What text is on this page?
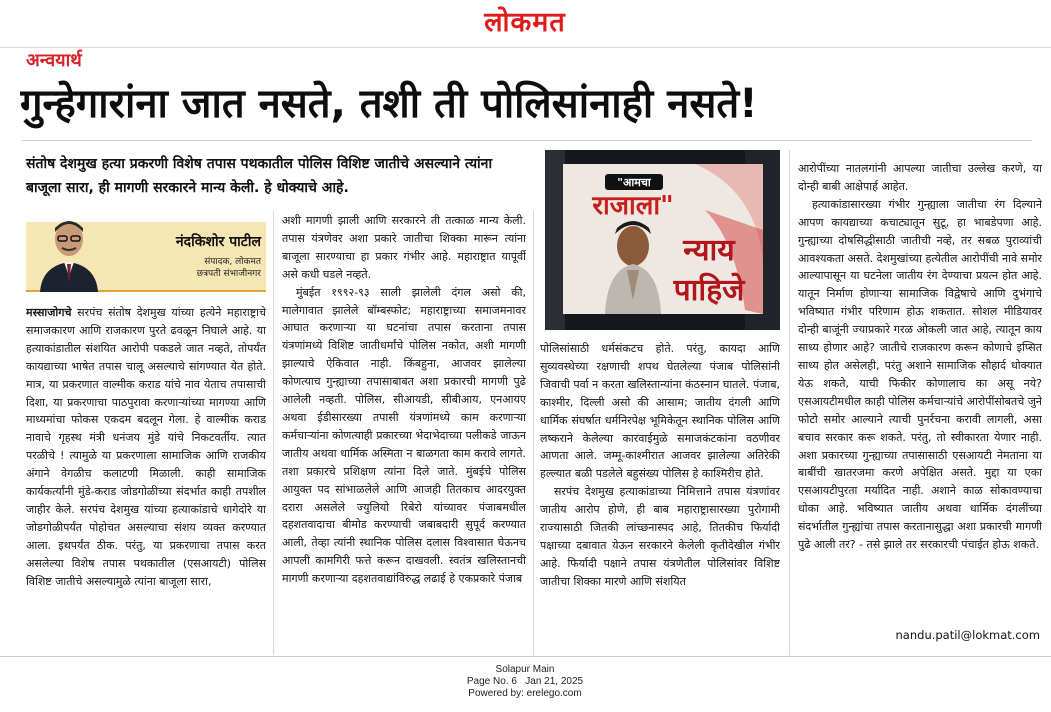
लोकमत
अन्वयार्थ
गुन्हेगारांना जात नसते, तशी ती पोलिसांनाही नसते!
संतोष देशमुख हत्या प्रकरणी विशेष तपास पथकातील पोलिस विशिष्ट जातीचे असल्याने त्यांना बाजूला सारा, ही मागणी सरकारने मान्य केली. हे धोक्याचे आहे.
नंदकिशोर पाटील
संपादक, लोकमत
छत्रपती संभाजीनगर

मस्साजोगचे सरपंच संतोष देशमुख यांच्या हत्येने महाराष्ट्राचे समाजकारण आणि राजकारण पुरते ढवळून निघाले आहे. या हत्याकांडातील संशयित आरोपी पकडले जात नव्हते, तोपर्यंत कायद्याच्या भाषेत तपास चालू असल्याचे सांगण्यात येत होते. मात्र, या प्रकरणात वाल्मीक कराड यांचे नाव येताच तपासाची दिशा, या प्रकरणाचा पाठपुरावा करणाऱ्यांच्या मागण्या आणि माध्यमांचा फोकस एकदम बदलून गेला. हे वाल्मीक कराड नावाचे गृहस्थ मंत्री धनंजय मुंडे यांचे निकटवर्तीय. त्यात परळीचे ! त्यामुळे या प्रकरणाला सामाजिक आणि राजकीय अंगाने वेगळीच कलाटणी मिळाली. काही सामाजिक कार्यकर्त्यांनी मुंडे-कराड जोडगोळीच्या संदर्भात काही तपशील जाहीर केले. सरपंच देशमुख यांच्या हत्याकांडाचे धागेदोरे या जोडगोळीपर्यंत पोहोचत असल्याचा संशय व्यक्त करण्यात आला. इथपर्यंत ठीक. परंतु, या प्रकरणाचा तपास करत असलेल्या विशेष तपास पथकातील (एसआयटी) पोलिस विशिष्ट जातीचे असल्यामुळे त्यांना बाजूला सारा,

अशी मागणी झाली आणि सरकारने ती तत्काळ मान्य केली. तपास यंत्रणेवर अशा प्रकारे जातीचा शिक्का मारून त्यांना बाजूला सारण्याचा हा प्रकार गंभीर आहे. महाराष्ट्रात यापूर्वी असे कधी घडले नव्हते.

मुंबईत १९९२-९३ साली झालेली दंगल असो की, मालेगावात झालेले बॉम्बस्फोट; महाराष्ट्राच्या समाजमनावर आघात करणाऱ्या या घटनांचा तपास करताना तपास यंत्रणांमध्ये विशिष्ट जातीधर्मांचे पोलिस नकोत, अशी मागणी झाल्याचे ऐकिवात नाही. किंबहुना, आजवर झालेल्या कोणत्याच गुन्ह्याच्या तपासाबाबत अशा प्रकारची मागणी पुढे आलेली नव्हती. पोलिस, सीआयडी, सीबीआय, एनआयए अथवा ईडीसारख्या तपासी यंत्रणांमध्ये काम करणाऱ्या कर्मचाऱ्यांना कोणत्याही प्रकारच्या भेदाभेदाच्या पलीकडे जाऊन जातीय अथवा धार्मिक अस्मिता न बाळगता काम करावे लागते. तशा प्रकारचे प्रशिक्षण त्यांना दिले जाते. मुंबईचे पोलिस आयुक्त पद सांभाळलेले आणि आजही तितकाच आदरयुक्त दरारा असलेले ज्युलियो रिबेरो यांच्यावर पंजाबमधील दहशतवादाचा बीमोड करण्याची जबाबदारी सुपूर्द करण्यात आली, तेव्हा त्यांनी स्थानिक पोलिस दलास विश्वासात घेऊनच आपली कामगिरी फत्ते करून दाखवली. स्वतंत्र खलिस्तानची मागणी करणाऱ्या दहशतवाद्यांविरुद्ध लढाई हे एकप्रकारे पंजाब

"आमचा
राजाला"
न्याय
पाहिजे

पोलिसांसाठी धर्मसंकटच होते. परंतु, कायदा आणि सुव्यवस्थेच्या रक्षणाची शपथ घेतलेल्या पंजाब पोलिसांनी जिवाची पर्वा न करता खलिस्तान्यांना कंठस्नान घातले. पंजाब, काश्मीर, दिल्ली असो की आसाम; जातीय दंगली आणि धार्मिक संघर्षात धर्मनिरपेक्ष भूमिकेतून स्थानिक पोलिस आणि लष्कराने केलेल्या कारवाईमुळे समाजकंटकांना वठणीवर आणता आले. जम्मू-काश्मीरात आजवर झालेल्या अतिरेकी हल्ल्यात बळी पडलेले बहुसंख्य पोलिस हे काश्मिरीच होते.

सरपंच देशमुख हत्याकांडाच्या निमित्ताने तपास यंत्रणांवर जातीय आरोप होणे, ही बाब महाराष्ट्रासारख्या पुरोगामी राज्यासाठी जितकी लांच्छनास्पद आहे, तितकीच फिर्यादी पक्षाच्या दबावात येऊन सरकारने केलेली कृतीदेखील गंभीर आहे. फिर्यादी पक्षाने तपास यंत्रणेतील पोलिसांवर विशिष्ट जातीचा शिक्का मारणे आणि संशयित

आरोपींच्या नातलगांनी आपल्या जातीचा उल्लेख करणे, या दोन्ही बाबी आक्षेपार्ह आहेत.

हत्याकांडासारख्या गंभीर गुन्ह्याला जातीचा रंग दिल्याने आपण कायद्याच्या कचाट्यातून सुटू, हा भाबडेपणा आहे. गुन्ह्याच्या दोषसिद्धीसाठी जातीची नव्हे, तर सबळ पुराव्यांची आवश्यकता असते. देशमुखांच्या हत्येतील आरोपींची नावे समोर आल्यापासून या घटनेला जातीय रंग देण्याचा प्रयत्न होत आहे. यातून निर्माण होणाऱ्या सामाजिक विद्वेषाचे आणि दुभंगाचे भविष्यात गंभीर परिणाम होऊ शकतात. सोशल मीडियावर दोन्ही बाजूंनी ज्याप्रकारे गरळ ओकली जात आहे, त्यातून काय साध्य होणार आहे? जातीचे राजकारण करून कोणाचे इप्सित साध्य होत असेलही, परंतु अशाने सामाजिक सौहार्द धोक्यात येऊ शकते, याची फिकीर कोणालाच का असू नये? एसआयटीमधील काही पोलिस कर्मचाऱ्यांचे आरोपींसोबतचे जुने फोटो समोर आल्याने त्याची पुनर्रचना करावी लागली, असा बचाव सरकार करू शकते. परंतु, तो स्वीकारता येणार नाही. अशा प्रकारच्या गुन्ह्याच्या तपासासाठी एसआयटी नेमताना या बाबींची खातरजमा करणे अपेक्षित असते. मुद्दा या एका एसआयटीपुरता मर्यादित नाही. अशाने काळ सोकावण्याचा धोका आहे. भविष्यात जातीय अथवा धार्मिक दंगलींच्या संदर्भातील गुन्ह्यांचा तपास करतानासुद्धा अशा प्रकारची मागणी पुढे आली तर? - तसे झाले तर सरकारची पंचाईत होऊ शकते.

nandu.patil@lokmat.com
Solapur Main
Page No. 6 Jan 21, 2025
Powered by: erelego.com
